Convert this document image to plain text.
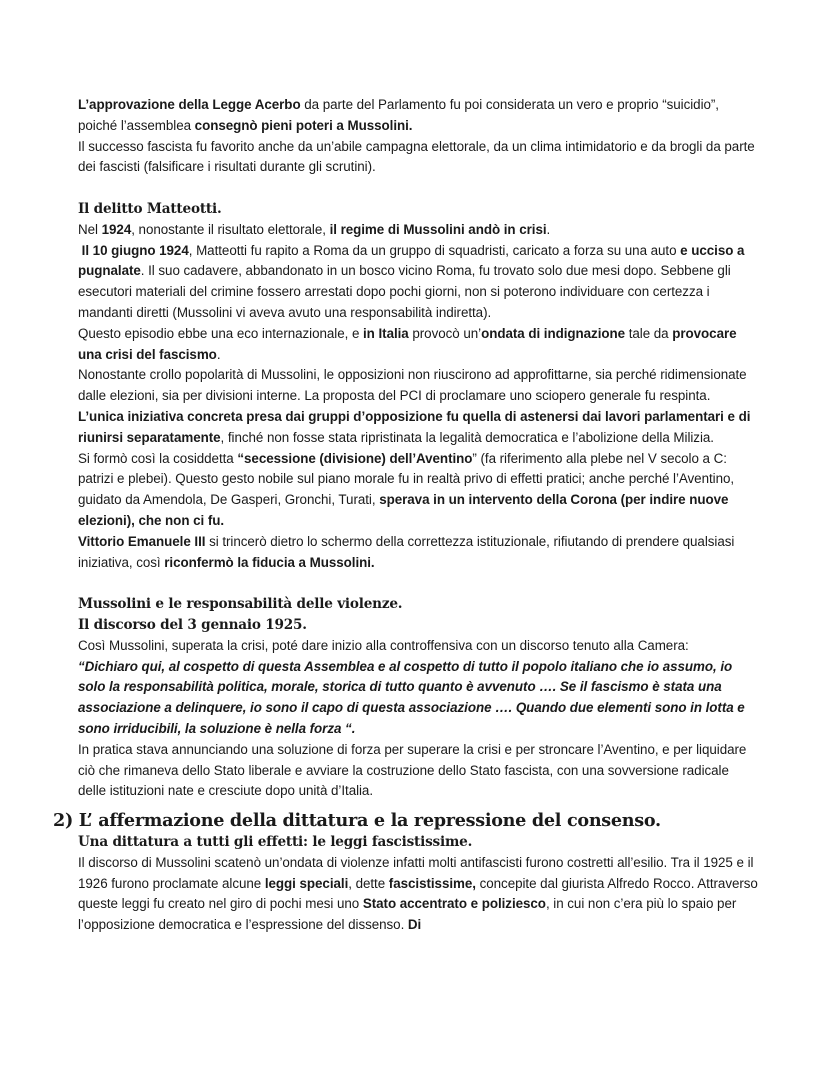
L’approvazione della Legge Acerbo da parte del Parlamento fu poi considerata un vero e proprio “suicidio”, poiché l’assemblea consegnò pieni poteri a Mussolini.

Il successo fascista fu favorito anche da un’abile campagna elettorale, da un clima intimidatorio e da brogli da parte dei fascisti (falsificare i risultati durante gli scrutini).

Il delitto Matteotti.

Nel 1924, nonostante il risultato elettorale, il regime di Mussolini andò in crisi.

Il 10 giugno 1924, Matteotti fu rapito a Roma da un gruppo di squadristi, caricato a forza su una auto e ucciso a pugnalate. Il suo cadavere, abbandonato in un bosco vicino Roma, fu trovato solo due mesi dopo. Sebbene gli esecutori materiali del crimine fossero arrestati dopo pochi giorni, non si poterono individuare con certezza i mandanti diretti (Mussolini vi aveva avuto una responsabilità indiretta).

Questo episodio ebbe una eco internazionale, e in Italia provocò un’ondata di indignazione tale da provocare una crisi del fascismo.

Nonostante crollo popolarità di Mussolini, le opposizioni non riuscirono ad approfittarne, sia perché ridimensionate dalle elezioni, sia per divisioni interne. La proposta del PCI di proclamare uno sciopero generale fu respinta.

L’unica iniziativa concreta presa dai gruppi d’opposizione fu quella di astenersi dai lavori parlamentari e di riunirsi separatamente, finché non fosse stata ripristinata la legalità democratica e l’abolizione della Milizia.

Si formò così la cosiddetta “secessione (divisione) dell’Aventino” (fa riferimento alla plebe nel V secolo a C: patrizi e plebei). Questo gesto nobile sul piano morale fu in realtà privo di effetti pratici; anche perché l’Aventino, guidato da Amendola, De Gasperi, Gronchi, Turati, sperava in un intervento della Corona (per indire nuove elezioni), che non ci fu.

Vittorio Emanuele III si trincerò dietro lo schermo della correttezza istituzionale, rifiutando di prendere qualsiasi iniziativa, così riconfermò la fiducia a Mussolini.

Mussolini e le responsabilità delle violenze.

Il discorso del 3 gennaio 1925.

Così Mussolini, superata la crisi, poté dare inizio alla controffensiva con un discorso tenuto alla Camera:

“Dichiaro qui, al cospetto di questa Assemblea e al cospetto di tutto il popolo italiano che io assumo, io solo la responsabilità politica, morale, storica di tutto quanto è avvenuto …. Se il fascismo è stata una associazione a delinquere, io sono il capo di questa associazione …. Quando due elementi sono in lotta e sono irriducibili, la soluzione è nella forza “.

In pratica stava annunciando una soluzione di forza per superare la crisi e per stroncare l’Aventino, e per liquidare ciò che rimaneva dello Stato liberale e avviare la costruzione dello Stato fascista, con una sovversione radicale delle istituzioni nate e cresciute dopo unità d’Italia.

2) L’ affermazione della dittatura e la repressione del consenso.

Una dittatura a tutti gli effetti: le leggi fascistissime.

Il discorso di Mussolini scatenò un’ondata di violenze infatti molti antifascisti furono costretti all’esilio. Tra il 1925 e il 1926 furono proclamate alcune leggi speciali, dette fascistissime, concepite dal giurista Alfredo Rocco. Attraverso queste leggi fu creato nel giro di pochi mesi uno Stato accentrato e poliziesco, in cui non c’era più lo spaio per l’opposizione democratica e l’espressione del dissenso. Di
